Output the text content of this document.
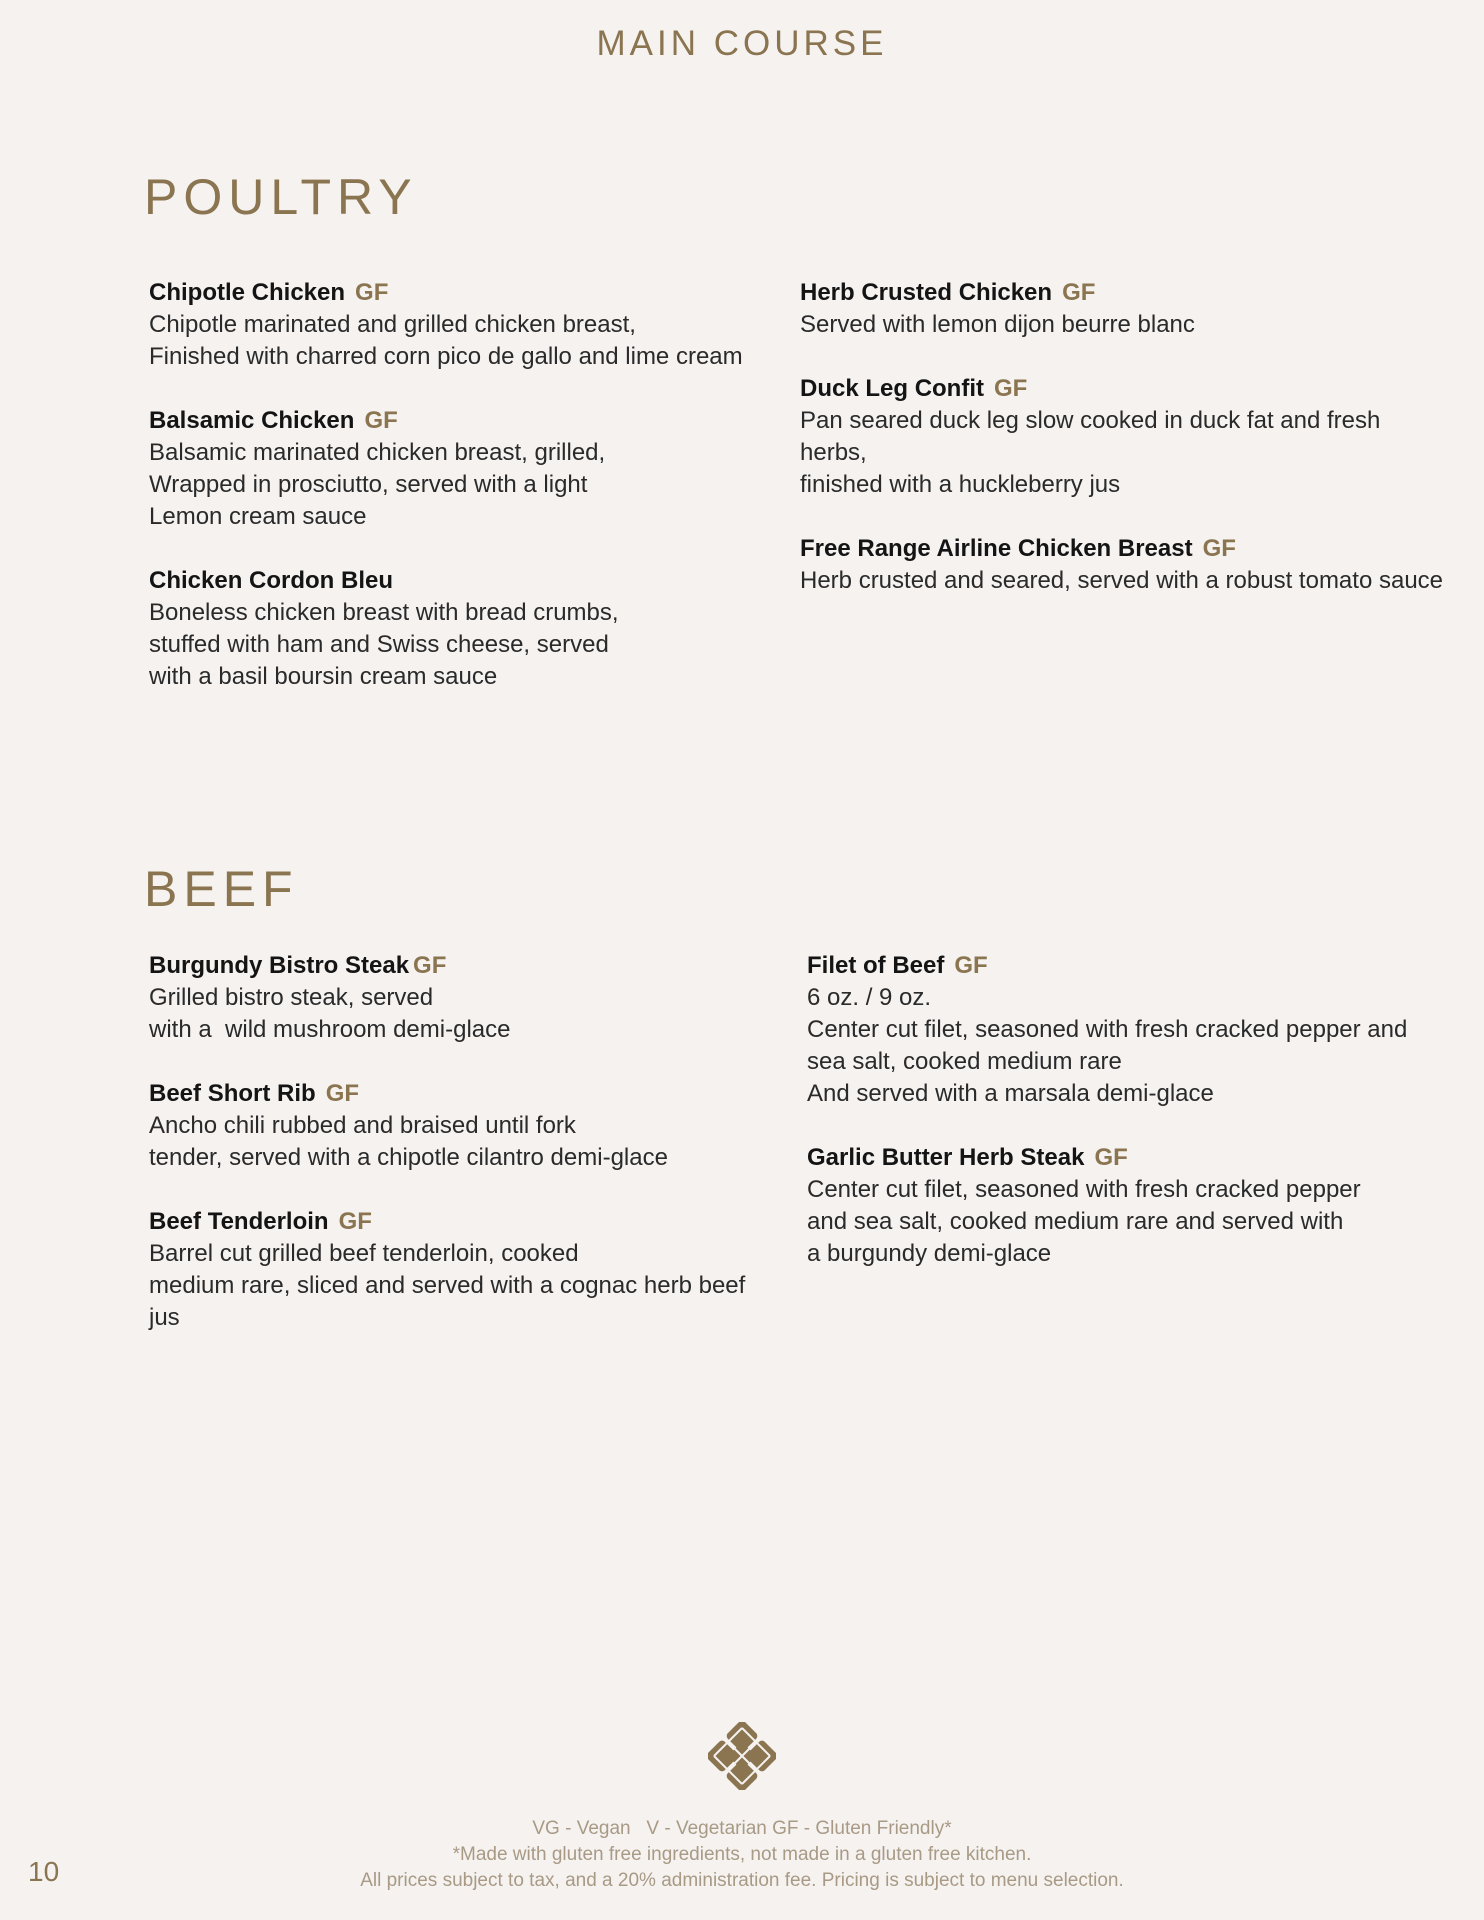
MAIN COURSE
POULTRY
Chipotle Chicken GF
Chipotle marinated and grilled chicken breast,
Finished with charred corn pico de gallo and lime cream
Balsamic Chicken GF
Balsamic marinated chicken breast, grilled,
Wrapped in prosciutto, served with a light
Lemon cream sauce
Chicken Cordon Bleu
Boneless chicken breast with bread crumbs,
stuffed with ham and Swiss cheese, served
with a basil boursin cream sauce
Herb Crusted Chicken GF
Served with lemon dijon beurre blanc
Duck Leg Confit GF
Pan seared duck leg slow cooked in duck fat and fresh herbs,
finished with a huckleberry jus
Free Range Airline Chicken Breast GF
Herb crusted and seared, served with a robust tomato sauce
BEEF
Burgundy Bistro Steak GF
Grilled bistro steak, served
with a  wild mushroom demi-glace
Beef Short Rib GF
Ancho chili rubbed and braised until fork
tender, served with a chipotle cilantro demi-glace
Beef Tenderloin GF
Barrel cut grilled beef tenderloin, cooked
medium rare, sliced and served with a cognac herb beef jus
Filet of Beef GF
6 oz. / 9 oz.
Center cut filet, seasoned with fresh cracked pepper and
sea salt, cooked medium rare
And served with a marsala demi-glace
Garlic Butter Herb Steak GF
Center cut filet, seasoned with fresh cracked pepper
and sea salt, cooked medium rare and served with
a burgundy demi-glace
VG - Vegan   V - Vegetarian GF - Gluten Friendly*
*Made with gluten free ingredients, not made in a gluten free kitchen.
All prices subject to tax, and a 20% administration fee. Pricing is subject to menu selection.
10
